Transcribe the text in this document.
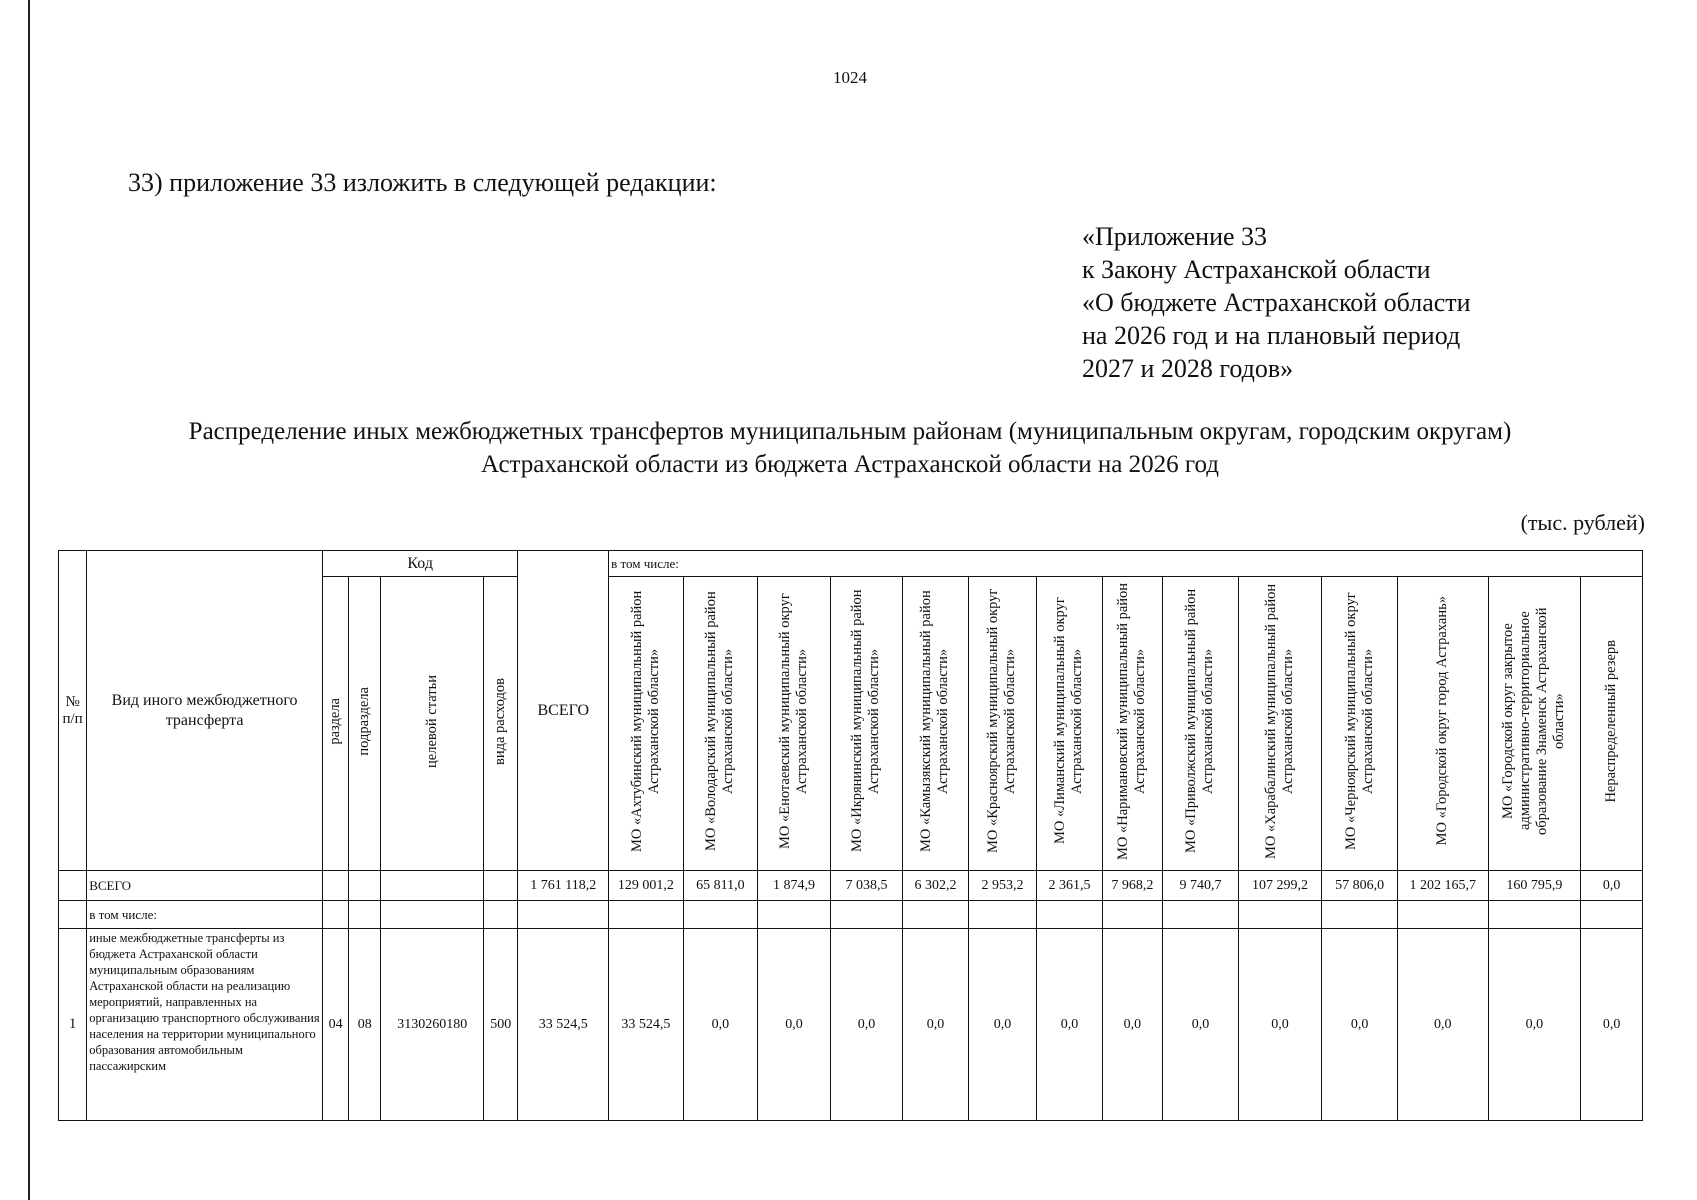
1024
33) приложение 33 изложить в следующей редакции:
«Приложение 33
к Закону Астраханской области
«О бюджете Астраханской области
на 2026 год и на плановый период
2027 и 2028 годов»
Распределение иных межбюджетных трансфертов муниципальным районам (муниципальным округам, городским округам)
Астраханской области из бюджета Астраханской области на 2026 год
(тыс. рублей)
№ п/п	Вид иного межбюджетного трансферта	Код				ВСЕГО	в том числе:													
		раздела	подраздела	целевой статьи	вида расходов		МО «Ахтубинский муниципальный район Астраханской области»	МО «Володарский муниципальный район Астраханской области»	МО «Енотаевский муниципальный округ Астраханской области»	МО «Икрянинский муниципальный район Астраханской области»	МО «Камызякский муниципальный район Астраханской области»	МО «Красноярский муниципальный округ Астраханской области»	МО «Лиманский муниципальный округ Астраханской области»	МО «Наримановский муниципальный район Астраханской области»	МО «Приволжский муниципальный район Астраханской области»	МО «Харабалинский муниципальный район Астраханской области»	МО «Черноярский муниципальный округ Астраханской области»	МО «Городской округ город Астрахань»	МО «Городской округ закрытое административно-территориальное образование Знаменск Астраханской области»	Нераспределенный резерв
	ВСЕГО					1 761 118,2	129 001,2	65 811,0	1 874,9	7 038,5	6 302,2	2 953,2	2 361,5	7 968,2	9 740,7	107 299,2	57 806,0	1 202 165,7	160 795,9	0,0
	в том числе:																			
1	иные межбюджетные трансферты из бюджета Астраханской области муниципальным образованиям Астраханской области на реализацию мероприятий, направленных на организацию транспортного обслуживания населения на территории муниципального образования автомобильным пассажирским	04	08	3130260180	500	33 524,5	33 524,5	0,0	0,0	0,0	0,0	0,0	0,0	0,0	0,0	0,0	0,0	0,0	0,0	0,0
